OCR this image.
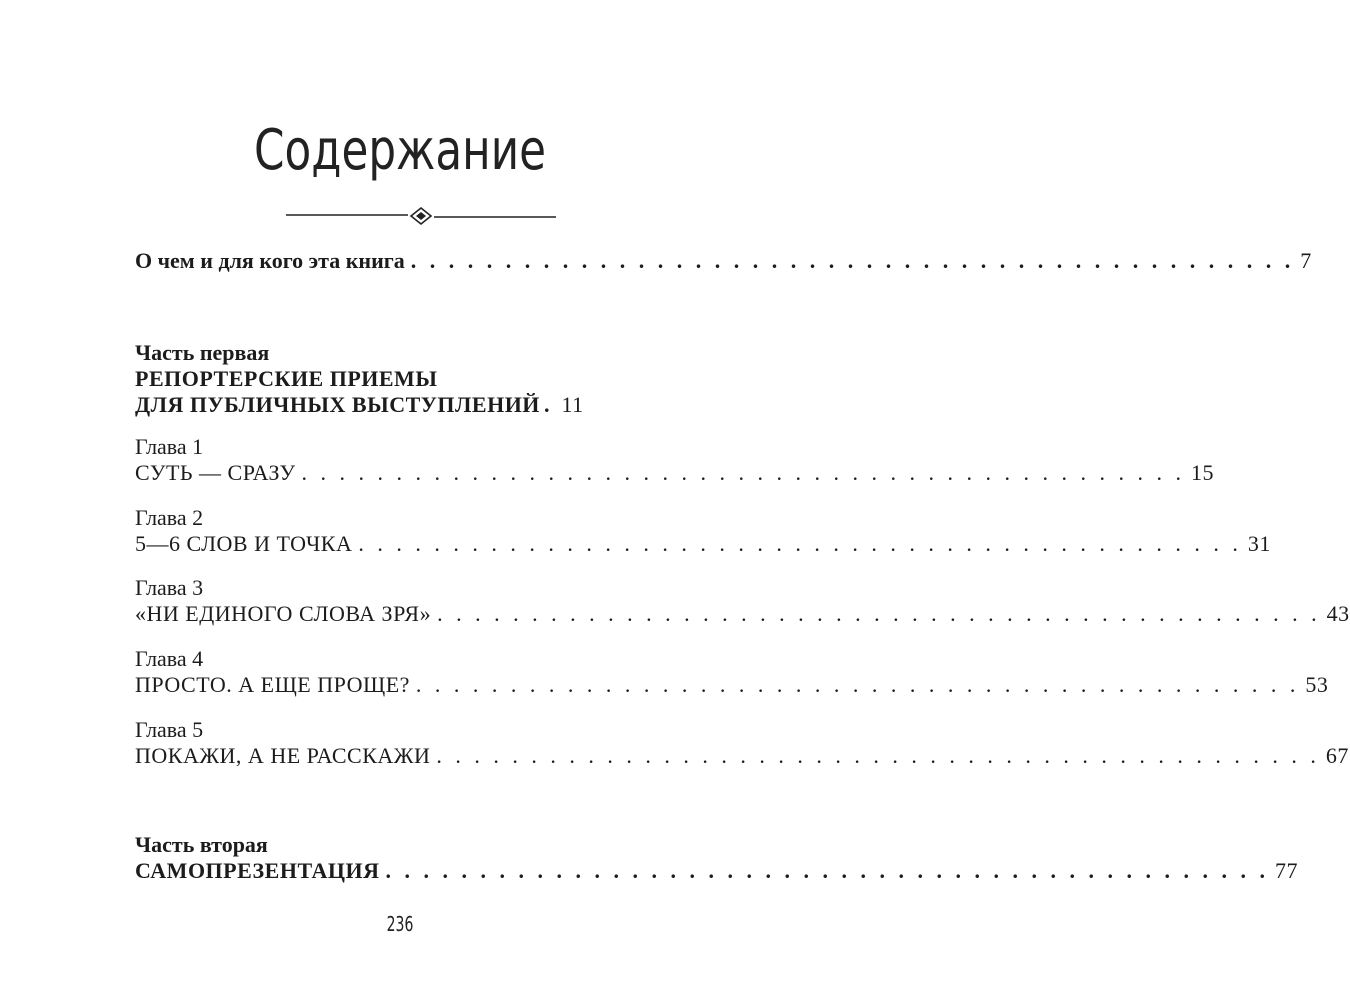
Содержание
О чем и для кого эта книга . . . . . . . . . . . . . . . . . . . . . . . . . . . . . . . . . . . . . . . . . . . . . . . 7
Часть первая
РЕПОРТЕРСКИЕ ПРИЕМЫ
ДЛЯ ПУБЛИЧНЫХ ВЫСТУПЛЕНИЙ . 11
Глава 1
СУТЬ — СРАЗУ . . . . . . . . . . . . . . . . . . . . . . . . . . . . . . . . . . . . . . . . . . . . . . . 15
Глава 2
5—6 СЛОВ И ТОЧКА . . . . . . . . . . . . . . . . . . . . . . . . . . . . . . . . . . . . . . . . . . . . . . . 31
Глава 3
«НИ ЕДИНОГО СЛОВА ЗРЯ» . . . . . . . . . . . . . . . . . . . . . . . . . . . . . . . . . . . . . . . . . . . . . . . 43
Глава 4
ПРОСТО. А ЕЩЕ ПРОЩЕ? . . . . . . . . . . . . . . . . . . . . . . . . . . . . . . . . . . . . . . . . . . . . . . . 53
Глава 5
ПОКАЖИ, А НЕ РАССКАЖИ . . . . . . . . . . . . . . . . . . . . . . . . . . . . . . . . . . . . . . . . . . . . . . . 67
Часть вторая
САМОПРЕЗЕНТАЦИЯ . . . . . . . . . . . . . . . . . . . . . . . . . . . . . . . . . . . . . . . . . . . . . . . 77
236
